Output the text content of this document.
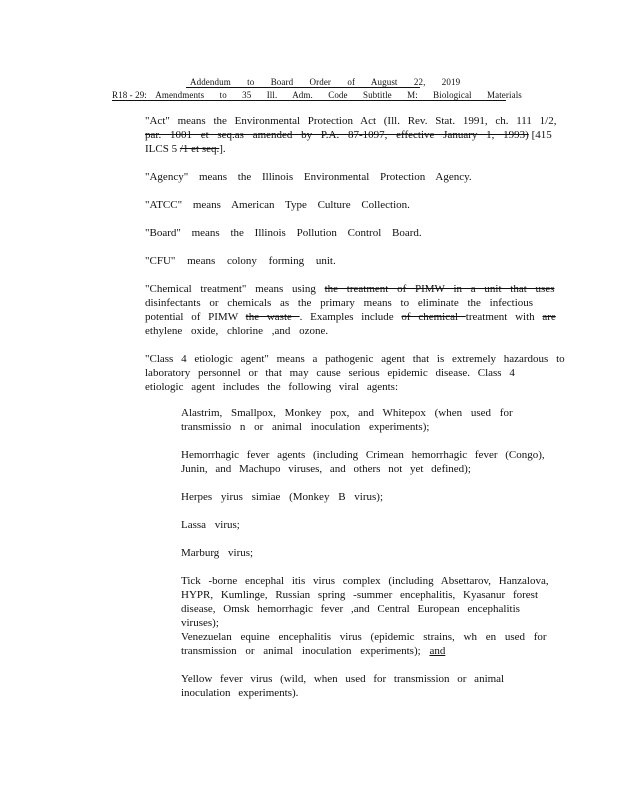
Addendum to Board Order of August 22, 2019
R18 - 29: Amendments to 35 Ill. Adm. Code Subtitle M: Biological Materials
"Act" means the Environmental Protection Act (Ill. Rev. Stat. 1991, ch. 111 1/2,
par. 1001 et seq.as amended by P.A. 87-1097, effective January 1, 1993) [415
ILCS 5 /1 et seq.].
"Agency" means the Illinois Environmental Protection Agency.
"ATCC" means American Type Culture Collection.
"Board" means the Illinois Pollution Control Board.
"CFU" means colony forming unit.
"Chemical treatment" means using the treatment of PIMW in a unit that uses
disinfectants or chemicals as the primary means to eliminate the infectious
potential of PIMW the waste . Examples include of chemical treatment with are
ethylene oxide, chlorine ,and ozone.
"Class 4 etiologic agent" means a pathogenic agent that is extremely hazardous to
laboratory personnel or that may cause serious epidemic disease. Class 4
etiologic agent includes the following viral agents:
Alastrim, Smallpox, Monkey pox, and Whitepox (when used for
transmissio n or animal inoculation experiments);
Hemorrhagic fever agents (including Crimean hemorrhagic fever (Congo),
Junin, and Machupo viruses, and others not yet defined);
Herpes yirus simiae (Monkey B virus);
Lassa virus;
Marburg virus;
Tick -borne encephal itis virus complex (including Absettarov, Hanzalova,
HYPR, Kumlinge, Russian spring -summer encephalitis, Kyasanur forest
disease, Omsk hemorrhagic fever ,and Central European encephalitis
viruses);
Venezuelan equine encephalitis virus (epidemic strains, wh en used for
transmission or animal inoculation experiments); and
Yellow fever virus (wild, when used for transmission or animal
inoculation experiments).
